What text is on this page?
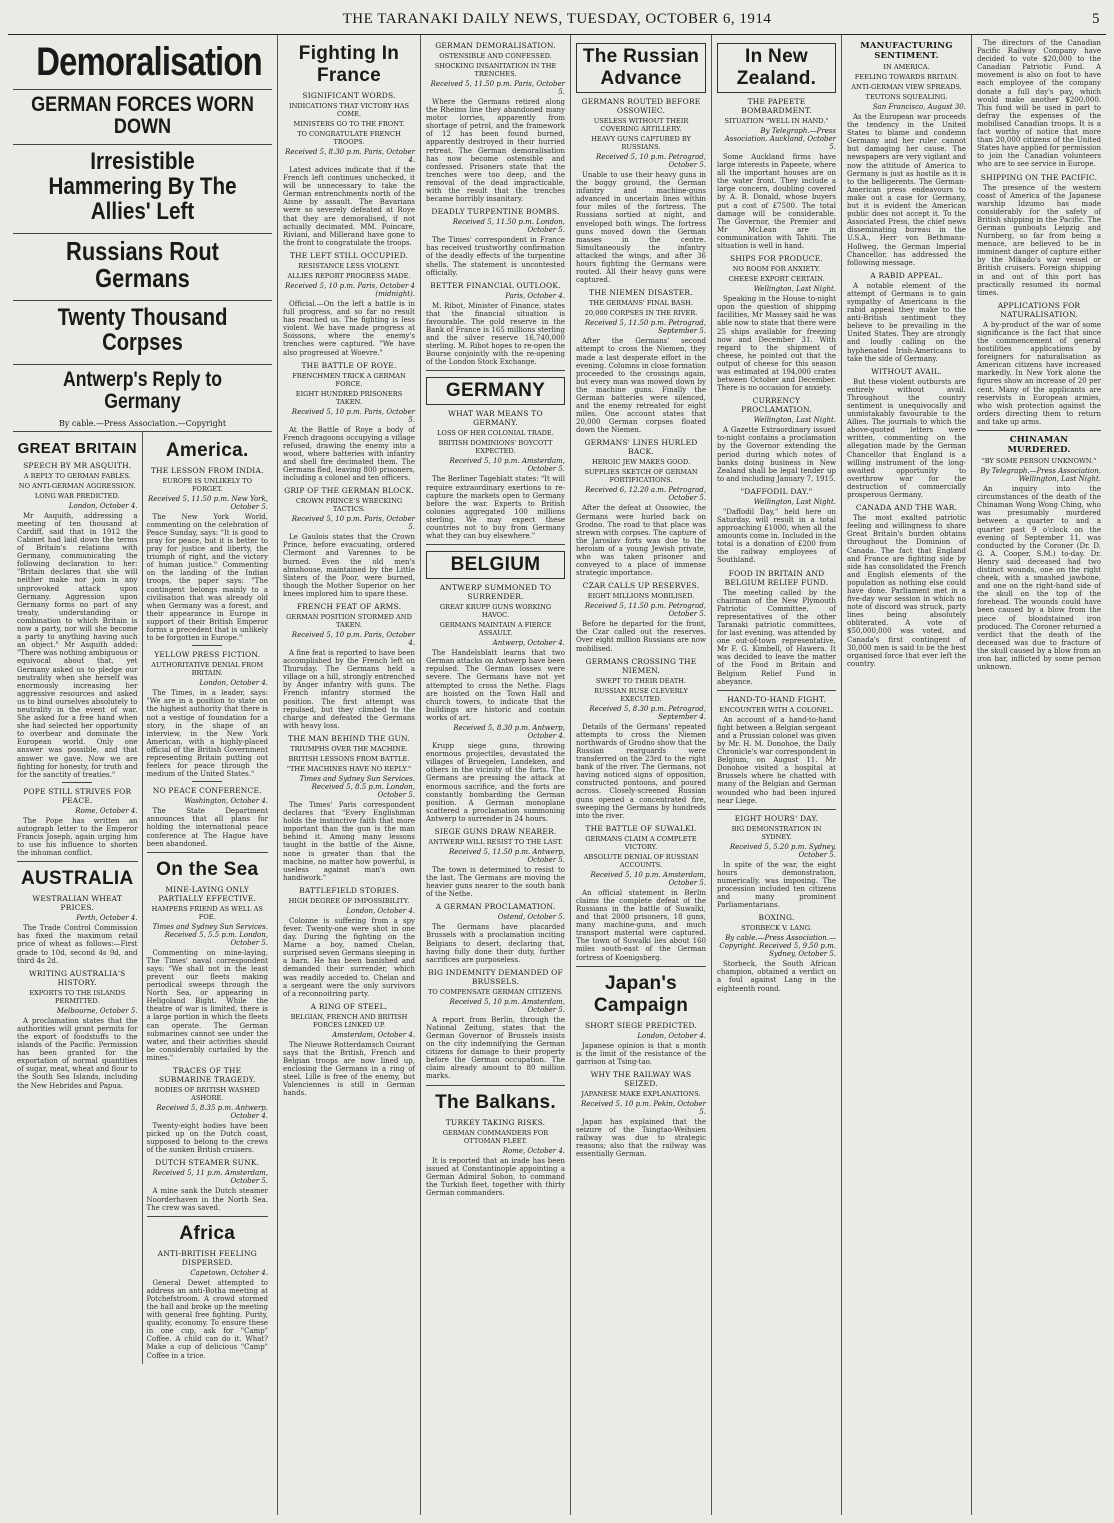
THE TARANAKI DAILY NEWS, TUESDAY, OCTOBER 6, 1914	5
Demoralisation
GERMAN FORCES WORN DOWN
Irresistible Hammering By The Allies' Left
Russians Rout Germans
Twenty Thousand Corpses
Antwerp's Reply to Germany
By cable.—Press Association.—Copyright
GREAT BRITAIN
SPEECH BY MR ASQUITH.
A REPLY TO GERMAN FABLES.
NO ANTI-GERMAN AGGRESSION.
LONG WAR PREDICTED.
London, October 4.

Mr Asquith, addressing a meeting of ten thousand at Cardiff, said that in 1912 the Cabinet had laid down the terms of Britain's relations with Germany, communicating the following declaration to her: "Britain declares that she will neither make nor join in any unprovoked attack upon Germany. Aggression upon Germany forms no part of any treaty, understanding or combination to which Britain is now a party, nor will she become a party to anything having such an object." Mr Asquith added: "There was nothing ambiguous or equivocal about that, yet Germany asked us to pledge our neutrality when she herself was enormously increasing her aggressive resources and asked us to bind ourselves absolutely to neutrality in the event of war. She asked for a free hand when she had selected her opportunity to overbear and dominate the European world. Only one answer was possible, and that answer we gave. Now we are fighting for honesty, for truth and for the sanctity of treaties."

POPE STILL STRIVES FOR PEACE.
Rome, October 4.

The Pope has written an autograph letter to the Emperor Francis Joseph, again urging him to use his influence to shorten the inhuman conflict.

AUSTRALIA
WESTRALIAN WHEAT PRICES.
Perth, October 4.

The Trade Control Commission has fixed the maximum retail price of wheat as follows:—First grade to 10d, second 4s 9d, and third 4s 2d.

WRITING AUSTRALIA'S HISTORY.
EXPORTS TO THE ISLANDS PERMITTED.
Melbourne, October 5.

A proclamation states that the authorities will grant permits for the export of foodstuffs to the islands of the Pacific. Permission has been granted for the exportation of normal quantities of sugar, meat, wheat and flour to the South Sea Islands, including the New Hebrides and Papua.

America.
THE LESSON FROM INDIA.
EUROPE IS UNLIKELY TO FORGET.
Received 5, 11.50 p.m. New York, October 5.

The New York World, commenting on the celebration of Peace Sunday, says: "It is good to pray for peace, but it is better to pray for justice and liberty, the triumph of right, and the victory of human justice." Commenting on the landing of the Indian troops, the paper says: "The contingent belongs mainly to a civilisation that was already old when Germany was a forest, and their appearance in Europe in support of their British Emperor forms a precedent that is unlikely to be forgotten in Europe."

YELLOW PRESS FICTION.
AUTHORITATIVE DENIAL FROM BRITAIN.
London, October 4.

The Times, in a leader, says: "We are in a position to state on the highest authority that there is not a vestige of foundation for a story, in the shape of an interview, in the New York American, with a highly-placed official of the British Government representing Britain putting out feelers for peace through the medium of the United States."

NO PEACE CONFERENCE.
Washington, October 4.

The State Department announces that all plans for holding the international peace conference at The Hague have been abandoned.

On the Sea
MINE-LAYING ONLY PARTIALLY EFFECTIVE.
HAMPERS FRIEND AS WELL AS FOE.
Times and Sydney Sun Services. Received 5, 5.5 p.m. London, October 5.

Commenting on mine-laying, The Times' naval correspondent says: "We shall not in the least prevent our fleets making periodical sweeps through the North Sea, or appearing in Heligoland Bight. While the theatre of war is limited, there is a large portion in which the fleets can operate. The German submarines cannot see under the water, and their activities should be considerably curtailed by the mines."

TRACES OF THE SUBMARINE TRAGEDY.
BODIES OF BRITISH WASHED ASHORE.
Received 5, 8.35 p.m. Antwerp, October 4.

Twenty-eight bodies have been picked up on the Dutch coast, supposed to belong to the crews of the sunken British cruisers.

DUTCH STEAMER SUNK.
Received 5, 11 p.m. Amsterdam, October 5.

A mine sank the Dutch steamer Noorderhaven in the North Sea. The crew was saved.

Africa
ANTI-BRITISH FEELING DISPERSED.
Capetown, October 4.

General Dewet attempted to address an anti-Botha meeting at Potchefstroom. A crowd stormed the hall and broke up the meeting with general free fighting. Purity, quality, economy. To ensure these in one cup, ask for "Camp" Coffee. A child can do it. What? Make a cup of delicious "Camp" Coffee in a trice.

Fighting In France
SIGNIFICANT WORDS.
INDICATIONS THAT VICTORY HAS COME.
MINISTERS GO TO THE FRONT.
TO CONGRATULATE FRENCH TROOPS.
Received 5, 8.30 p.m. Paris, October 4.

Latest advices indicate that if the French left continues unchecked, it will be unnecessary to take the German entrenchments north of the Aisne by assault. The Bavarians were so severely defeated at Roye that they are demoralised, if not actually decimated. MM. Poincare, Riviani, and Millerand have gone to the front to congratulate the troops.

THE LEFT STILL OCCUPIED.
RESISTANCE LESS VIOLENT.
ALLIES REPORT PROGRESS MADE.
Received 5, 10 p.m. Paris, October 4 (midnight).

Official.—On the left a battle is in full progress, and so far no result has reached us. The fighting is less violent. We have made progress at Soissons, where the enemy's trenches were captured. "We have also progressed at Woevre."

THE BATTLE OF ROYE.
FRENCHMEN TRICK A GERMAN FORCE.
EIGHT HUNDRED PRISONERS TAKEN.
Received 5, 10 p.m. Paris, October 5.

At the Battle of Roye a body of French dragoons occupying a village refused, drawing the enemy into a wood, where batteries with infantry and shell fire decimated them. The Germans fled, leaving 800 prisoners, including a colonel and ten officers.

GRIP OF THE GERMAN BLOCK.
CROWN PRINCE'S WRECKING TACTICS.
Received 5, 10 p.m. Paris, October 5.

Le Gaulois states that the Crown Prince, before evacuating, ordered Clermont and Varennes to be burned. Even the old men's almshouse, maintained by the Little Sisters of the Poor, were burned, though the Mother Superior on her knees implored him to spare these.

FRENCH FEAT OF ARMS.
GERMAN POSITION STORMED AND TAKEN.
Received 5, 10 p.m. Paris, October 4.

A fine feat is reported to have been accomplished by the French left on Thursday. The Germans held a village on a hill, strongly entrenched by Anger infantry with guns. The French infantry stormed the position. The first attempt was repulsed, but they climbed to the charge and defeated the Germans with heavy loss.

THE MAN BEHIND THE GUN.
TRIUMPHS OVER THE MACHINE.
BRITISH LESSONS FROM BATTLE.
"THE MACHINES HAVE NO REPLY."
Times and Sydney Sun Services. Received 5, 8.5 p.m. London, October 5.

The Times' Paris correspondent declares that "Every Englishman holds the instinctive faith that more important than the gun is the man behind it. Among many lessons taught in the battle of the Aisne, none is greater than that the machine, no matter how powerful, is useless against man's own handiwork."

BATTLEFIELD STORIES.
HIGH DEGREE OF IMPOSSIBILITY.
London, October 4.

Colonne is suffering from a spy fever. Twenty-one were shot in one day. During the fighting on the Marne a boy, named Chelan, surprised seven Germans sleeping in a barn. He has been banished and demanded their surrender, which was readily acceded to. Chelan and a sergeant were the only survivors of a reconnoitring party.

A RING OF STEEL.
BELGIAN, FRENCH AND BRITISH FORCES LINKED UP.
Amsterdam, October 4.

The Nieuwe Rotterdamsch Courant says that the British, French and Belgian troops are now lined up, enclosing the Germans in a ring of steel. Lille is free of the enemy, but Valenciennes is still in German hands.

GERMAN DEMORALISATION.
OSTENSIBLE AND CONFESSED.
SHOCKING INSANITATION IN THE TRENCHES.
Received 5, 11.50 p.m. Paris, October 5.

Where the Germans retired along the Rheims line they abandoned many motor lorries, apparently from shortage of petrol, and the framework of 12 has been found burned, apparently destroyed in their hurried retreat. The German demoralisation has now become ostensible and confessed. Prisoners state that the trenches were too deep, and the removal of the dead impracticable, with the result that the trenches became horribly insanitary.

DEADLY TURPENTINE BOMBS.
Received 5, 11.50 p.m. London, October 5.

The Times' correspondent in France has received trustworthy confirmation of the deadly effects of the turpentine shells. The statement is uncontested officially.

BETTER FINANCIAL OUTLOOK.
Paris, October 4.

M. Ribot, Minister of Finance, states that the financial situation is favourable. The gold reserve in the Bank of France is 165 millions sterling and the silver reserve 16,740,000 sterling. M. Ribot hopes to re-open the Bourse conjointly with the re-opening of the London Stock Exchange.

GERMANY
WHAT WAR MEANS TO GERMANY.
LOSS OF HER COLONIAL TRADE.
BRITISH DOMINIONS' BOYCOTT EXPECTED.
Received 5, 10 p.m. Amsterdam, October 5.

The Berliner Tageblatt states: "It will require extraordinary exertions to re-capture the markets open to Germany before the war. Experts to British colonies aggregated 100 millions sterling. We may expect these countries not to buy from Germany what they can buy elsewhere."

BELGIUM
ANTWERP SUMMONED TO SURRENDER.
GREAT KRUPP GUNS WORKING HAVOC.
GERMANS MAINTAIN A FIERCE ASSAULT.
Antwerp, October 4.

The Handelsblatt learns that two German attacks on Antwerp have been repulsed. The German losses were severe. The Germans have not yet attempted to cross the Nethe. Flags are hoisted on the Town Hall and church towers, to indicate that the buildings are historic and contain works of art.

Received 5, 8.30 p.m. Antwerp, October 4.

Krupp siege guns, throwing enormous projectiles, devastated the villages of Bruegelen, Landeken, and others in the vicinity of the forts. The Germans are pressing the attack at enormous sacrifice, and the forts are constantly bombarding the German position. A German monoplane scattered a proclamation summoning Antwerp to surrender in 24 hours.

SIEGE GUNS DRAW NEARER.
ANTWERP WILL RESIST TO THE LAST.
Received 5, 11.50 p.m. Antwerp, October 5.

The town is determined to resist to the last. The Germans are moving the heavier guns nearer to the south bank of the Nethe.

A GERMAN PROCLAMATION.
Ostend, October 5.

The Germans have placarded Brussels with a proclamation inciting Belgians to desert, declaring that, having fully done their duty, further sacrifices are purposeless.

BIG INDEMNITY DEMANDED OF BRUSSELS.
TO COMPENSATE GERMAN CITIZENS.
Received 5, 10 p.m. Amsterdam, October 5.

A report from Berlin, through the National Zeitung, states that the German Governor of Brussels insists on the city indemnifying the German citizens for damage to their property before the German occupation. The claim already amount to 80 million marks.

The Balkans.
TURKEY TAKING RISKS.
GERMAN COMMANDERS FOR OTTOMAN FLEET.
Rome, October 4.

It is reported that an irade has been issued at Constantinople appointing a German Admiral Sohon, to command the Turkish fleet, together with thirty German commanders.

The Russian Advance
GERMANS ROUTED BEFORE OSSOWIEC.
USELESS WITHOUT THEIR COVERING ARTILLERY.
HEAVY GUNS CAPTURED BY RUSSIANS.
Received 5, 10 p.m. Petrograd, October 5.

Unable to use their heavy guns in the boggy ground, the German infantry and machine-guns advanced in uncertain lines within four miles of the fortress. The Russians sortied at night, and enveloped both wings. The fortress guns moved down the German masses in the centre. Simultaneously the infantry attacked the wings, and after 36 hours fighting the Germans were routed. All their heavy guns were captured.

THE NIEMEN DISASTER.
THE GERMANS' FINAL BASH.
20,000 CORPSES IN THE RIVER.
Received 5, 11.50 p.m. Petrograd, September 5.

After the Germans' second attempt to cross the Niemen, they made a last desperate effort in the evening. Columns in close formation proceeded to the crossings again, but every man was mowed down by the machine guns. Finally the German batteries were silenced, and the enemy retreated for eight miles. One account states that 20,000 German corpses floated down the Niemen.

GERMANS' LINES HURLED BACK.
HEROIC JEW MAKES GOOD.
SUPPLIES SKETCH OF GERMAN FORTIFICATIONS.
Received 6, 12.20 a.m. Petrograd, October 5.

After the defeat at Ossowiec, the Germans were hurled back on Grodno. The road to that place was strewn with corpses. The capture of the Jaroslav forts was due to the heroism of a young Jewish private, who was taken prisoner and conveyed to a place of immense strategic importance.

CZAR CALLS UP RESERVES.
EIGHT MILLIONS MOBILISED.
Received 5, 11.50 p.m. Petrograd, October 5.

Before he departed for the front, the Czar called out the reserves. Over eight million Russians are now mobilised.

GERMANS CROSSING THE NIEMEN.
SWEPT TO THEIR DEATH.
RUSSIAN RUSE CLEVERLY EXECUTED.
Received 5, 8.30 p.m. Petrograd, September 4.

Details of the Germans' repeated attempts to cross the Niemen northwards of Grodno show that the Russian rearguards were transferred on the 23rd to the right bank of the river. The Germans, not having noticed signs of opposition, constructed pontoons, and poured across. Closely-screened Russian guns opened a concentrated fire, sweeping the Germans by hundreds into the river.

THE BATTLE OF SUWALKI.
GERMANS CLAIM A COMPLETE VICTORY.
ABSOLUTE DENIAL OF RUSSIAN ACCOUNTS.
Received 5, 10 p.m. Amsterdam, October 5.

An official statement in Berlin claims the complete defeat of the Russians in the battle of Suwalki, and that 2000 prisoners, 18 guns, many machine-guns, and much transport material were captured. The town of Suwalki lies about 160 miles south-east of the German fortress of Koenigsberg.

Japan's Campaign
SHORT SIEGE PREDICTED.
London, October 4.

Japanese opinion is that a month is the limit of the resistance of the garrison at Tsing-tao.

WHY THE RAILWAY WAS SEIZED.
JAPANESE MAKE EXPLANATIONS.
Received 5, 10 p.m. Pekin, October 5.

Japan has explained that the seizure of the Tsingtao-Weihsien railway was due to strategic reasons; also that the railway was essentially German.

In New Zealand.
THE PAPEETE BOMBARDMENT.
SITUATION "WELL IN HAND."
By Telegraph.—Press Association. Auckland, October 5.

Some Auckland firms have large interests in Papeete, where all the important houses are on the water front. They include a large concern, doubling covered by A. B. Donald, whose buyers put a cost of £7500. The total damage will be considerable. The Governor, the Premier and Mr McLean are in communication with Tahiti. The situation is well in hand.

SHIPS FOR PRODUCE.
NO ROOM FOR ANXIETY.
CHEESE EXPORT CERTAIN.
Wellington, Last Night.

Speaking in the House to-night upon the question of shipping facilities, Mr Massey said he was able now to state that there were 25 ships available for freezing now and December 31. With regard to the shipment of cheese, he pointed out that the output of cheese for this season was estimated at 194,000 crates between October and December. There is no occasion for anxiety.

CURRENCY PROCLAMATION.
Wellington, Last Night.

A Gazette Extraordinary issued to-night contains a proclamation by the Governor extending the period during which notes of banks doing business in New Zealand shall be legal tender up to and including January 7, 1915.

"DAFFODIL DAY."
Wellington, Last Night.

"Daffodil Day," held here on Saturday, will result in a total approaching £1000, when all the amounts come in. Included in the total is a donation of £200 from the railway employees of Southland.

FOOD IN BRITAIN AND BELGIUM RELIEF FUND.

The meeting called by the chairman of the New Plymouth Patriotic Committee, of representatives of the other Taranaki patriotic committees, for last evening, was attended by one out-of-town representative, Mr F. G. Kimbell, of Hawera. It was decided to leave the matter of the Food in Britain and Belgium Relief Fund in abeyance.

HAND-TO-HAND FIGHT.
ENCOUNTER WITH A COLONEL.

An account of a hand-to-hand fight between a Belgian sergeant and a Prussian colonel was given by Mr. H. M. Donohoe, the Daily Chronicle's war correspondent in Belgium, on August 11. Mr Donohoe visited a hospital at Brussels where he chatted with many of the Belgian and German wounded who had been injured near Liege.

EIGHT HOURS' DAY.
BIG DEMONSTRATION IN SYDNEY.
Received 5, 5.20 p.m. Sydney, October 5.

In spite of the war, the eight hours demonstration, numerically, was imposing. The procession included ten citizens and many prominent Parliamentarians.

BOXING.
STORBECK V. LANG.
By cable.—Press Association.—Copyright. Received 5, 9.50 p.m. Sydney, October 5.

Storbeck, the South African champion, obtained a verdict on a foul against Lang in the eighteenth round.

MANUFACTURING SENTIMENT.
IN AMERICA.
FEELING TOWARDS BRITAIN.
ANTI-GERMAN VIEW SPREADS.
TEUTONS SQUEALING.
San Francisco, August 30.

As the European war proceeds the tendency in the United States to blame and condemn Germany and her ruler cannot but damaging her cause. The newspapers are very vigilant and now the attitude of America to Germany is just as hostile as it is to the belligerents. The German-American press endeavours to make out a case for Germany, but it is evident the American public does not accept it. To the Associated Press, the chief news disseminating bureau in the U.S.A., Herr von Bethmann-Hollweg, the German Imperial Chancellor, has addressed the following message.

A RABID APPEAL.

A notable element of the attempt of Germans is to gain sympathy of Americans is the rabid appeal they make to the anti-British sentiment they believe to be prevailing in the United States. They are strongly and loudly calling on the hyphenated Irish-Americans to take the side of Germany.

WITHOUT AVAIL.

But these violent outbursts are entirely without avail. Throughout the country sentiment is unequivocally and unmistakably favourable to the Allies. The journals to which the above-quoted letters were written, commenting on the allegation made by the German Chancellor that England is a willing instrument of the long-awaited opportunity to overthrow war for the destruction of commercially prosperous Germany.

CANADA AND THE WAR.

The most exalted patriotic feeling and willingness to share Great Britain's burden obtains throughout the Dominion of Canada. The fact that England and France are fighting side by side has consolidated the French and English elements of the population as nothing else could have done. Parliament met in a five-day war session in which no note of discord was struck, party lines being absolutely obliterated. A vote of $50,000,000 was voted, and Canada's first contingent of 30,000 men is said to be the best organised force that ever left the country.

The directors of the Canadian Pacific Railway Company have decided to vote $20,000 to the Canadian Patriotic Fund. A movement is also on foot to have each employee of the company donate a full day's pay, which would make another $200,000. This fund will be used in part to defray the expenses of the mobilised Canadian troops. It is a fact worthy of notice that more than 20,000 citizens of the United States have applied for permission to join the Canadian volunteers who are to see service in Europe.

SHIPPING ON THE PACIFIC.

The presence of the western coast of America of the Japanese warship Idzumo has made considerably for the safety of British shipping in the Pacific. The German gunboats Leipzig and Nurnberg, so far from being a menace, are believed to be in imminent danger of capture either by the Mikado's war vessel or British cruisers. Foreign shipping in and out of this port has practically resumed its normal times.

APPLICATIONS FOR NATURALISATION.

A by-product of the war of some significance is the fact that since the commencement of general hostilities applications by foreigners for naturalisation as American citizens have increased markedly. In New York alone the figures show an increase of 20 per cent. Many of the applicants are reservists in European armies, who wish protection against the orders directing them to return and take up arms.

CHINAMAN MURDERED.
"BY SOME PERSON UNKNOWN."
By Telegraph.—Press Association. Wellington, Last Night.

An inquiry into the circumstances of the death of the Chinaman Wong Wong Ching, who was presumably murdered between a quarter to and a quarter past 9 o'clock on the evening of September 11, was conducted by the Coroner (Dr. D. G. A. Cooper, S.M.) to-day. Dr. Henry said deceased had two distinct wounds, one on the right cheek, with a smashed jawbone, and one on the right-hand side of the skull on the top of the forehead. The wounds could have been caused by a blow from the piece of bloodstained iron produced. The Coroner returned a verdict that the death of the deceased was due to fracture of the skull caused by a blow from an iron bar, inflicted by some person unknown.
